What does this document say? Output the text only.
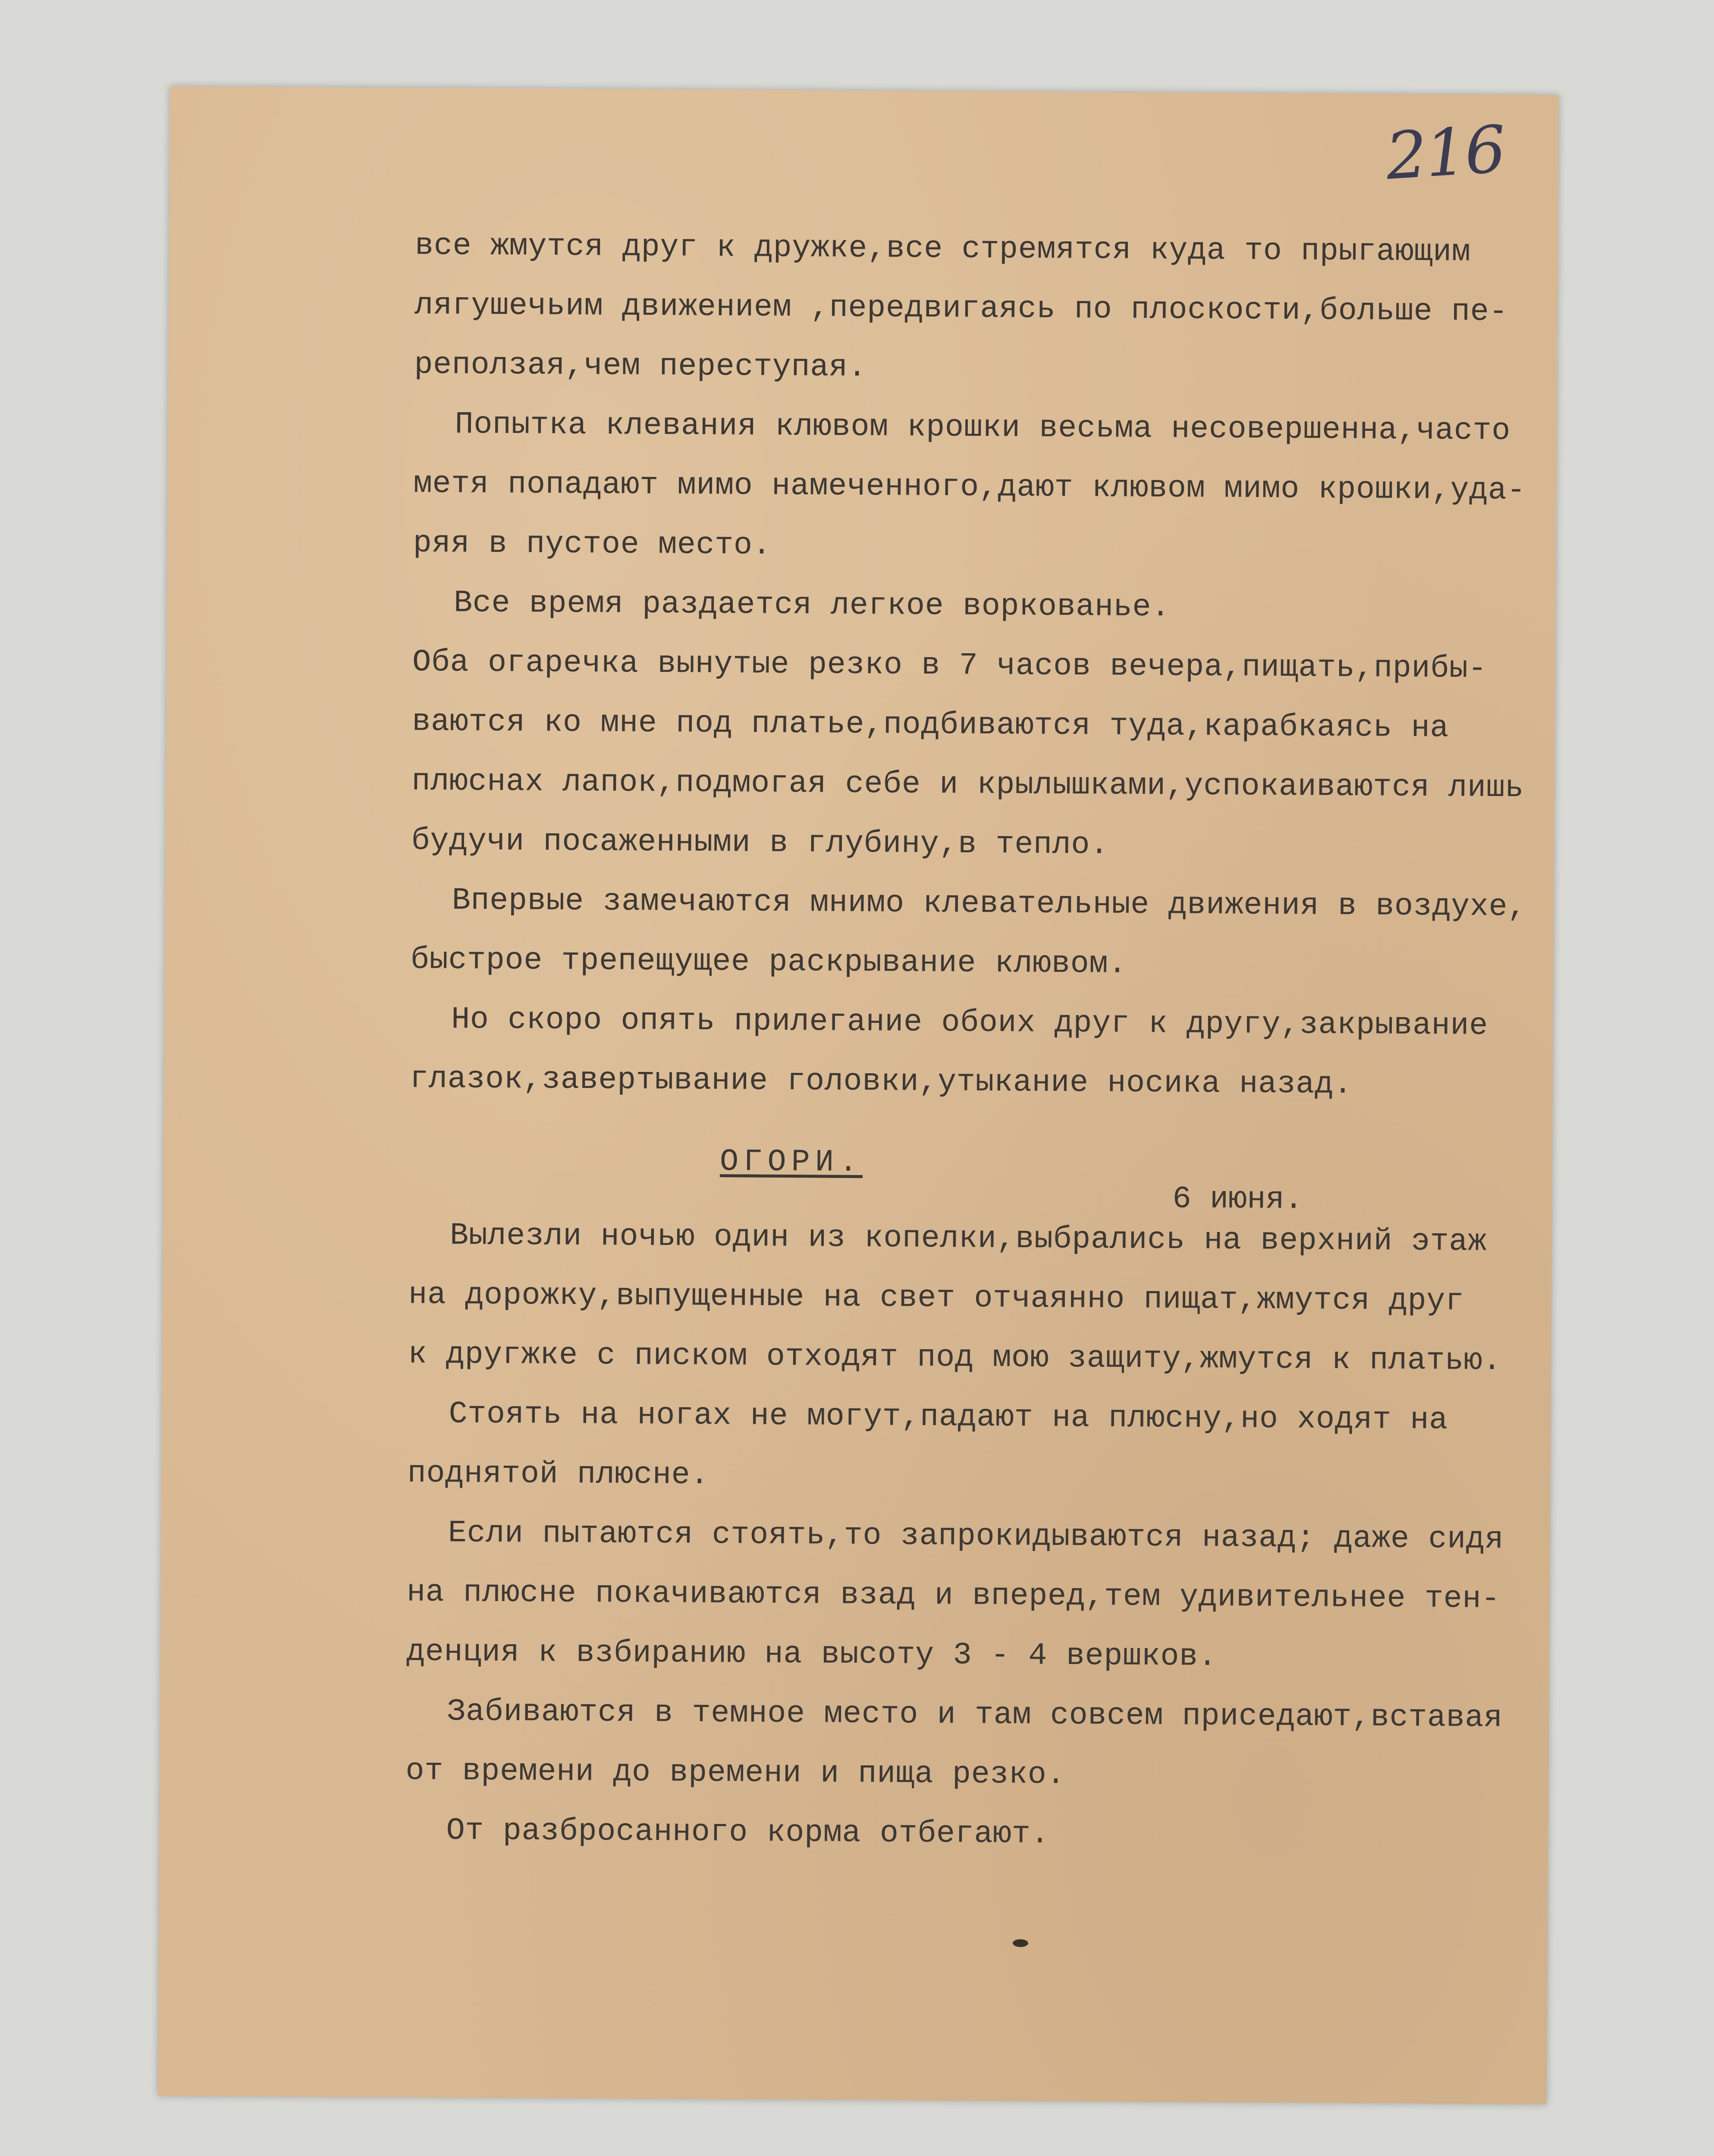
216
все жмутся друг к дружке,все стремятся куда то прыгающим
лягушечьим движением ,передвигаясь по плоскости,больше пе-
реползая,чем переступая.
Попытка клевания клювом крошки весьма несовершенна,часто
метя попадают мимо намеченного,дают клювом мимо крошки,уда-
ряя в пустое место.
Все время раздается легкое воркованье.
Оба огаречка вынутые резко в 7 часов вечера,пищать,прибы-
ваются ко мне под платье,подбиваются туда,карабкаясь на
плюснах лапок,подмогая себе и крылышками,успокаиваются лишь
будучи посаженными в глубину,в тепло.
Впервые замечаются мнимо клевательные движения в воздухе,
быстрое трепещущее раскрывание клювом.
Но скоро опять прилегание обоих друг к другу,закрывание
глазок,завертывание головки,утыкание носика назад.
ОГОРИ.
6 июня.
Вылезли ночью один из копелки,выбрались на верхний этаж
на дорожку,выпущенные на свет отчаянно пищат,жмутся друг
к другжке с писком отходят под мою защиту,жмутся к платью.
Стоять на ногах не могут,падают на плюсну,но ходят на
поднятой плюсне.
Если пытаются стоять,то запрокидываются назад; даже сидя
на плюсне покачиваются взад и вперед,тем удивительнее тен-
денция к взбиранию на высоту 3 - 4 вершков.
Забиваются в темное место и там совсем приседают,вставая
от времени до времени и пища резко.
От разбросанного корма отбегают.
